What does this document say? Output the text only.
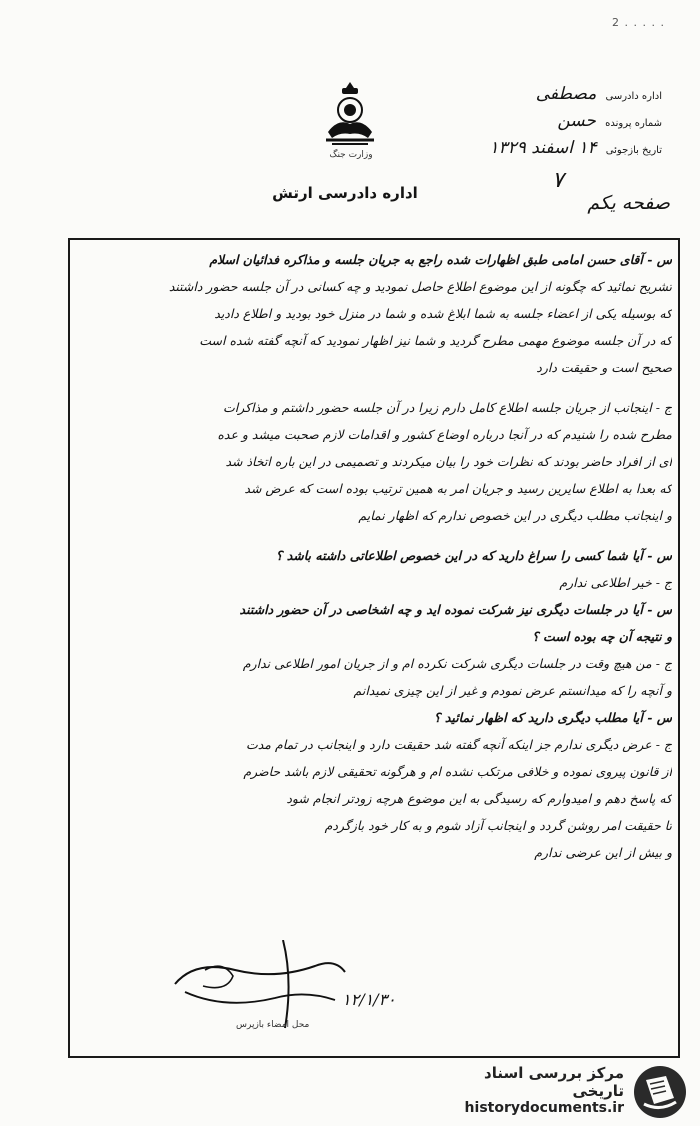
2 . . . . .
وزارت جنگ
اداره دادرسی ارتش
اداره دادرسی مصطفی
شماره پرونده حسن
تاریخ بازجوئی ۱۴ اسفند ۱۳۲۹
۷
صفحه یکم
س - آقای حسن امامی طبق اظهارات شده راجع به جریان جلسه و مذاکره فدائیان اسلام
تشریح نمائید که چگونه از این موضوع اطلاع حاصل نمودید و چه کسانی در آن جلسه حضور داشتند
که بوسیله یکی از اعضاء جلسه به شما ابلاغ شده و شما در منزل خود بودید و اطلاع دادید
که در آن جلسه موضوع مهمی مطرح گردید و شما نیز اظهار نمودید که آنچه گفته شده است
صحیح است و حقیقت دارد
ج - اینجانب از جریان جلسه اطلاع کامل دارم زیرا در آن جلسه حضور داشتم و مذاکرات
مطرح شده را شنیدم که در آنجا درباره اوضاع کشور و اقدامات لازم صحبت میشد و عده
ای از افراد حاضر بودند که نظرات خود را بیان میکردند و تصمیمی در این باره اتخاذ شد
که بعدا به اطلاع سایرین رسید و جریان امر به همین ترتیب بوده است که عرض شد
و اینجانب مطلب دیگری در این خصوص ندارم که اظهار نمایم
س - آیا شما کسی را سراغ دارید که در این خصوص اطلاعاتی داشته باشد ؟
ج - خیر اطلاعی ندارم
س - آیا در جلسات دیگری نیز شرکت نموده اید و چه اشخاصی در آن حضور داشتند
و نتیجه آن چه بوده است ؟
ج - من هیچ وقت در جلسات دیگری شرکت نکرده ام و از جریان امور اطلاعی ندارم
و آنچه را که میدانستم عرض نمودم و غیر از این چیزی نمیدانم
س - آیا مطلب دیگری دارید که اظهار نمائید ؟
ج - عرض دیگری ندارم جز اینکه آنچه گفته شد حقیقت دارد و اینجانب در تمام مدت
از قانون پیروی نموده و خلافی مرتکب نشده ام و هرگونه تحقیقی لازم باشد حاضرم
که پاسخ دهم و امیدوارم که رسیدگی به این موضوع هرچه زودتر انجام شود
تا حقیقت امر روشن گردد و اینجانب آزاد شوم و به کار خود بازگردم
و بیش از این عرضی ندارم
۱۲/۱/۳۰
محل امضاء بازپرس
مرکز بررسی اسناد تاریخی
historydocuments.ir
